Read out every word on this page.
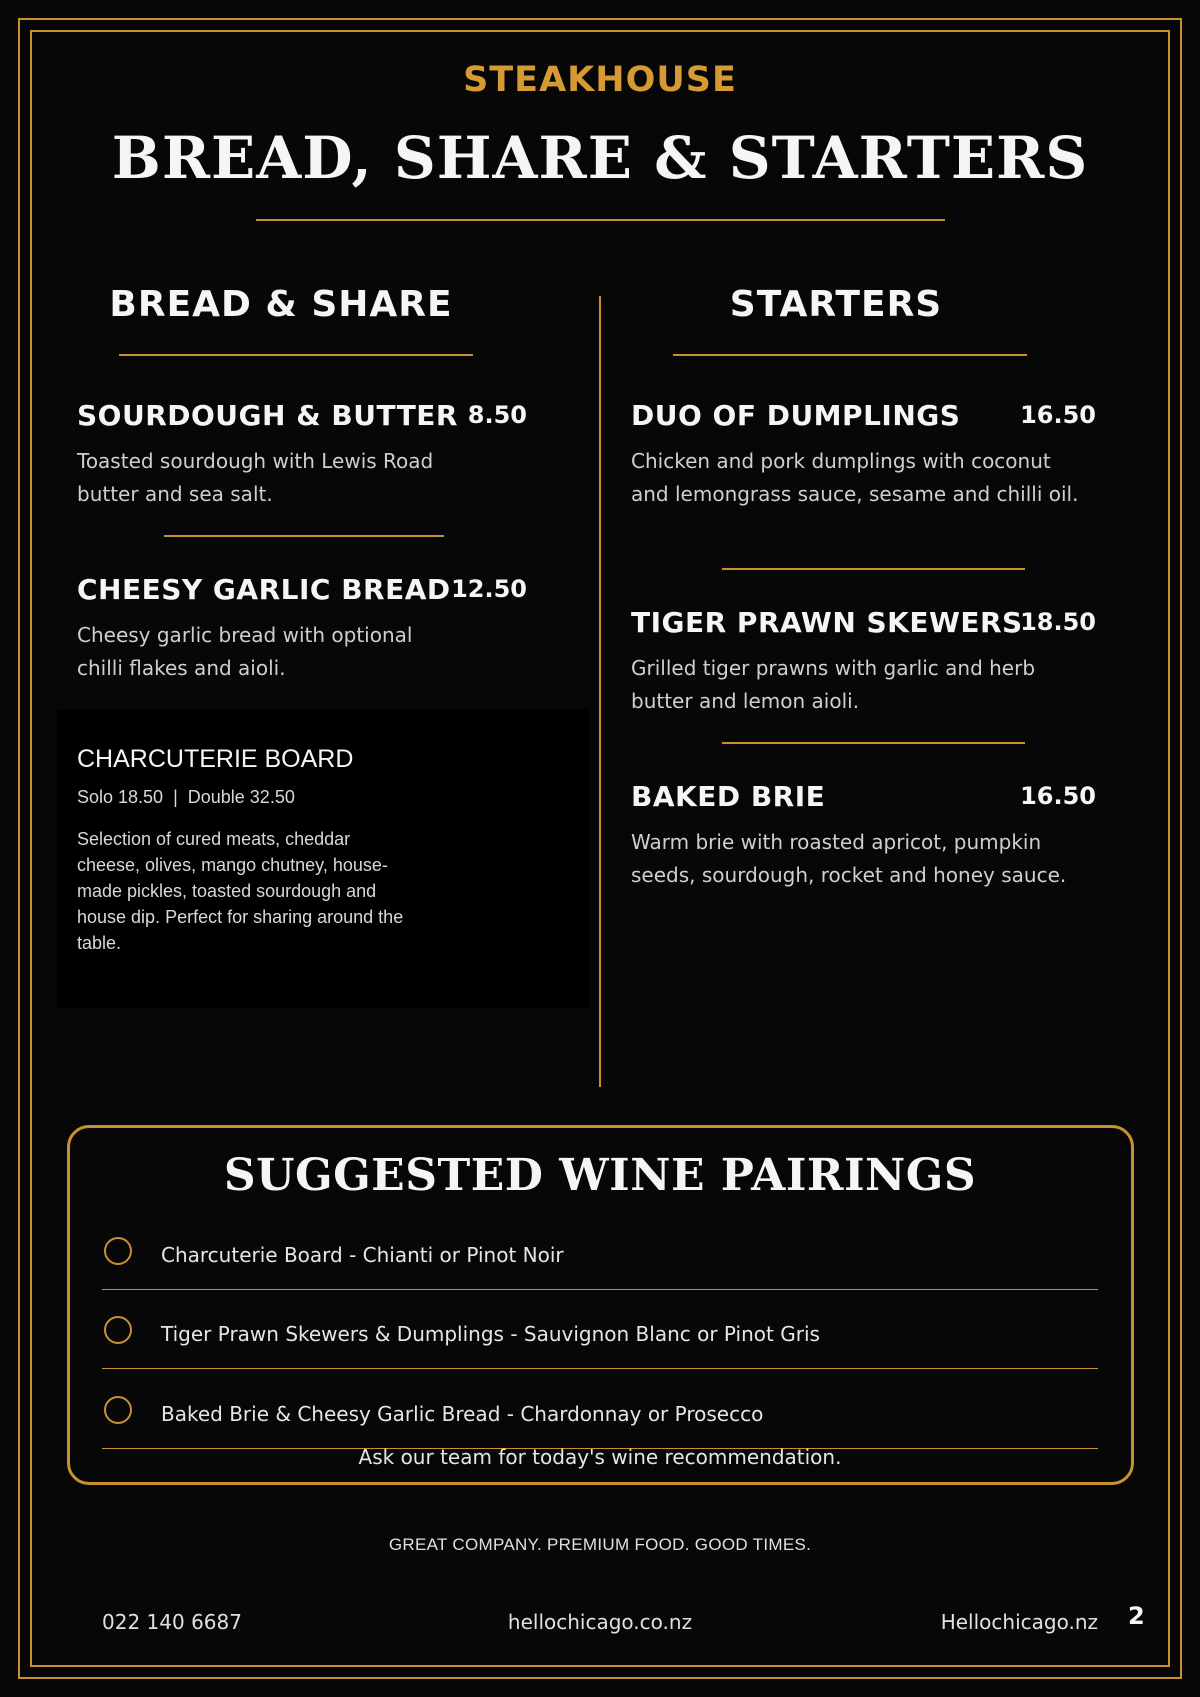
STEAKHOUSE
BREAD, SHARE & STARTERS
BREAD & SHARE
SOURDOUGH & BUTTER 8.50

Toasted sourdough with Lewis Road butter and sea salt.

CHEESY GARLIC BREAD 12.50

Cheesy garlic bread with optional chilli flakes and aioli.

CHARCUTERIE BOARD
Solo 18.50  |  Double 32.50

Selection of cured meats, cheddar cheese, olives, mango chutney, house-made pickles, toasted sourdough and house dip. Perfect for sharing around the table.

STARTERS
DUO OF DUMPLINGS	16.50

Chicken and pork dumplings with coconut and lemongrass sauce, sesame and chilli oil.

TIGER PRAWN SKEWERS
18.50

Grilled tiger prawns with garlic and herb butter and lemon aioli.

BAKED BRIE	16.50

Warm brie with roasted apricot, pumpkin seeds, sourdough, rocket and honey sauce.

SUGGESTED WINE PAIRINGS
Charcuterie Board - Chianti or Pinot Noir
Tiger Prawn Skewers & Dumplings - Sauvignon Blanc or Pinot Gris
Baked Brie & Cheesy Garlic Bread - Chardonnay or Prosecco
Ask our team for today's wine recommendation.
GREAT COMPANY. PREMIUM FOOD. GOOD TIMES.
022 140 6687	hellochicago.co.nz	Hellochicago.nz 2
